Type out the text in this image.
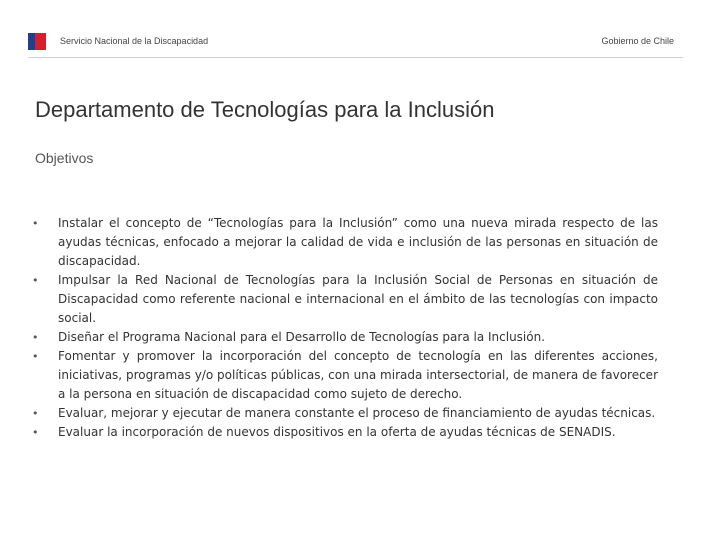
Servicio Nacional de la Discapacidad	Gobierno de Chile
Departamento de Tecnologías para la Inclusión
Objetivos
• Instalar el concepto de “Tecnologías para la Inclusión” como una nueva mirada respecto de las ayudas técnicas, enfocado a mejorar la calidad de vida e inclusión de las personas en situación de discapacidad.
• Impulsar la Red Nacional de Tecnologías para la Inclusión Social de Personas en situación de Discapacidad como referente nacional e internacional en el ámbito de las tecnologías con impacto social.
• Diseñar el Programa Nacional para el Desarrollo de Tecnologías para la Inclusión.
• Fomentar y promover la incorporación del concepto de tecnología en las diferentes acciones, iniciativas, programas y/o políticas públicas, con una mirada intersectorial, de manera de favorecer a la persona en situación de discapacidad como sujeto de derecho.
• Evaluar, mejorar y ejecutar de manera constante el proceso de financiamiento de ayudas técnicas.
• Evaluar la incorporación de nuevos dispositivos en la oferta de ayudas técnicas de SENADIS.
